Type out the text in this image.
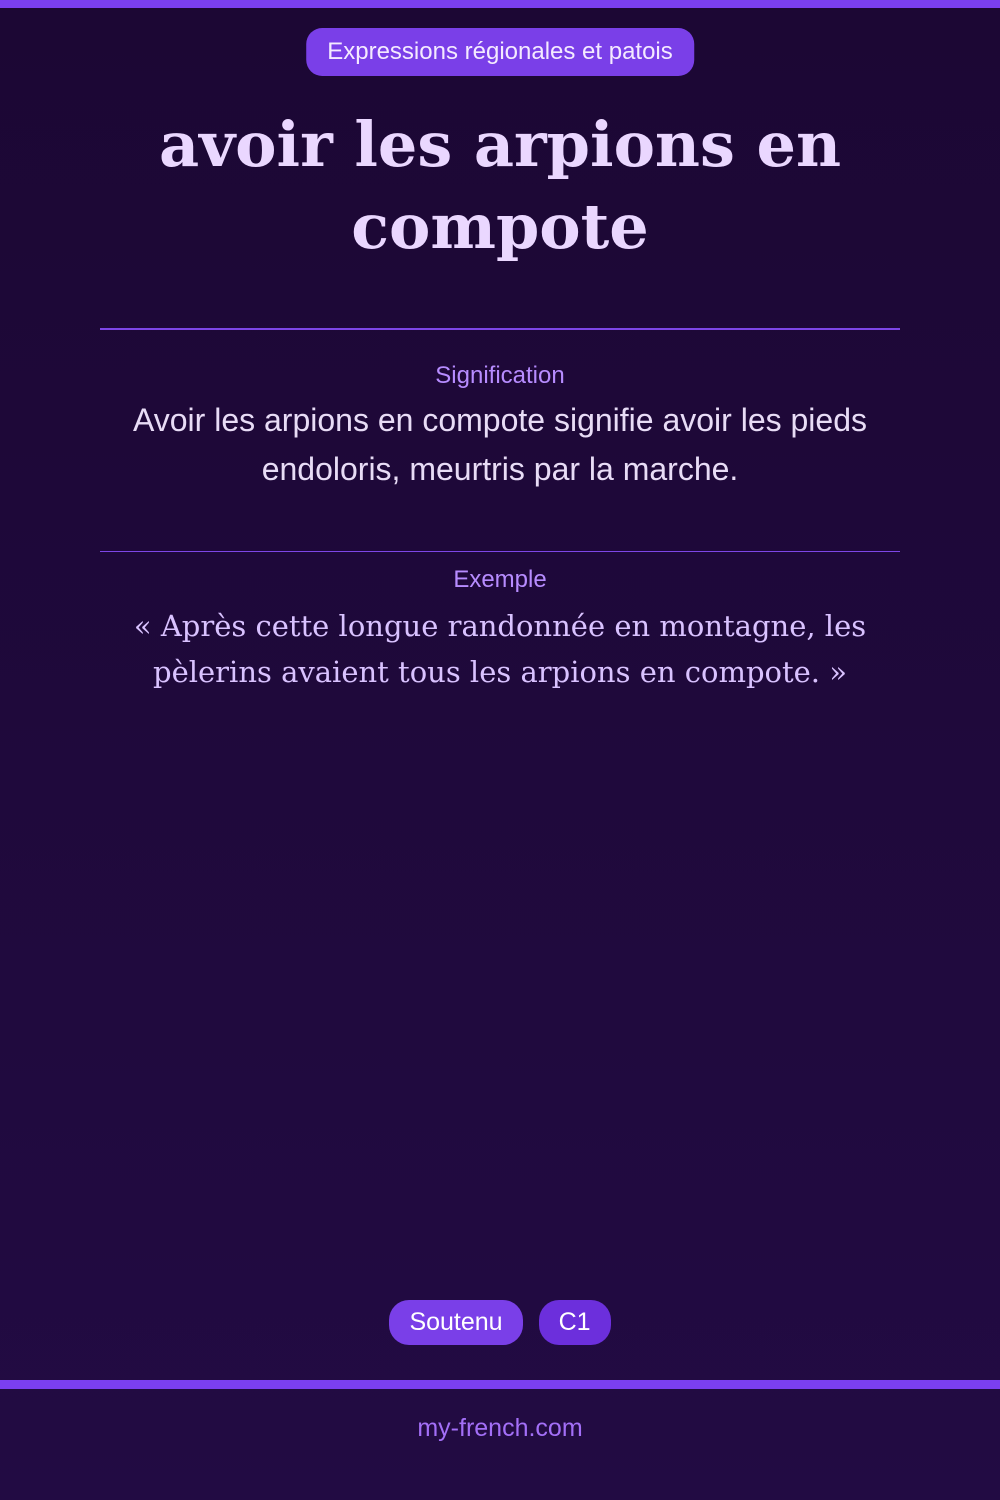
Expressions régionales et patois
avoir les arpions en compote
Signification
Avoir les arpions en compote signifie avoir les pieds endoloris, meurtris par la marche.
Exemple
« Après cette longue randonnée en montagne, les pèlerins avaient tous les arpions en compote. »
Soutenu	C1
my-french.com
